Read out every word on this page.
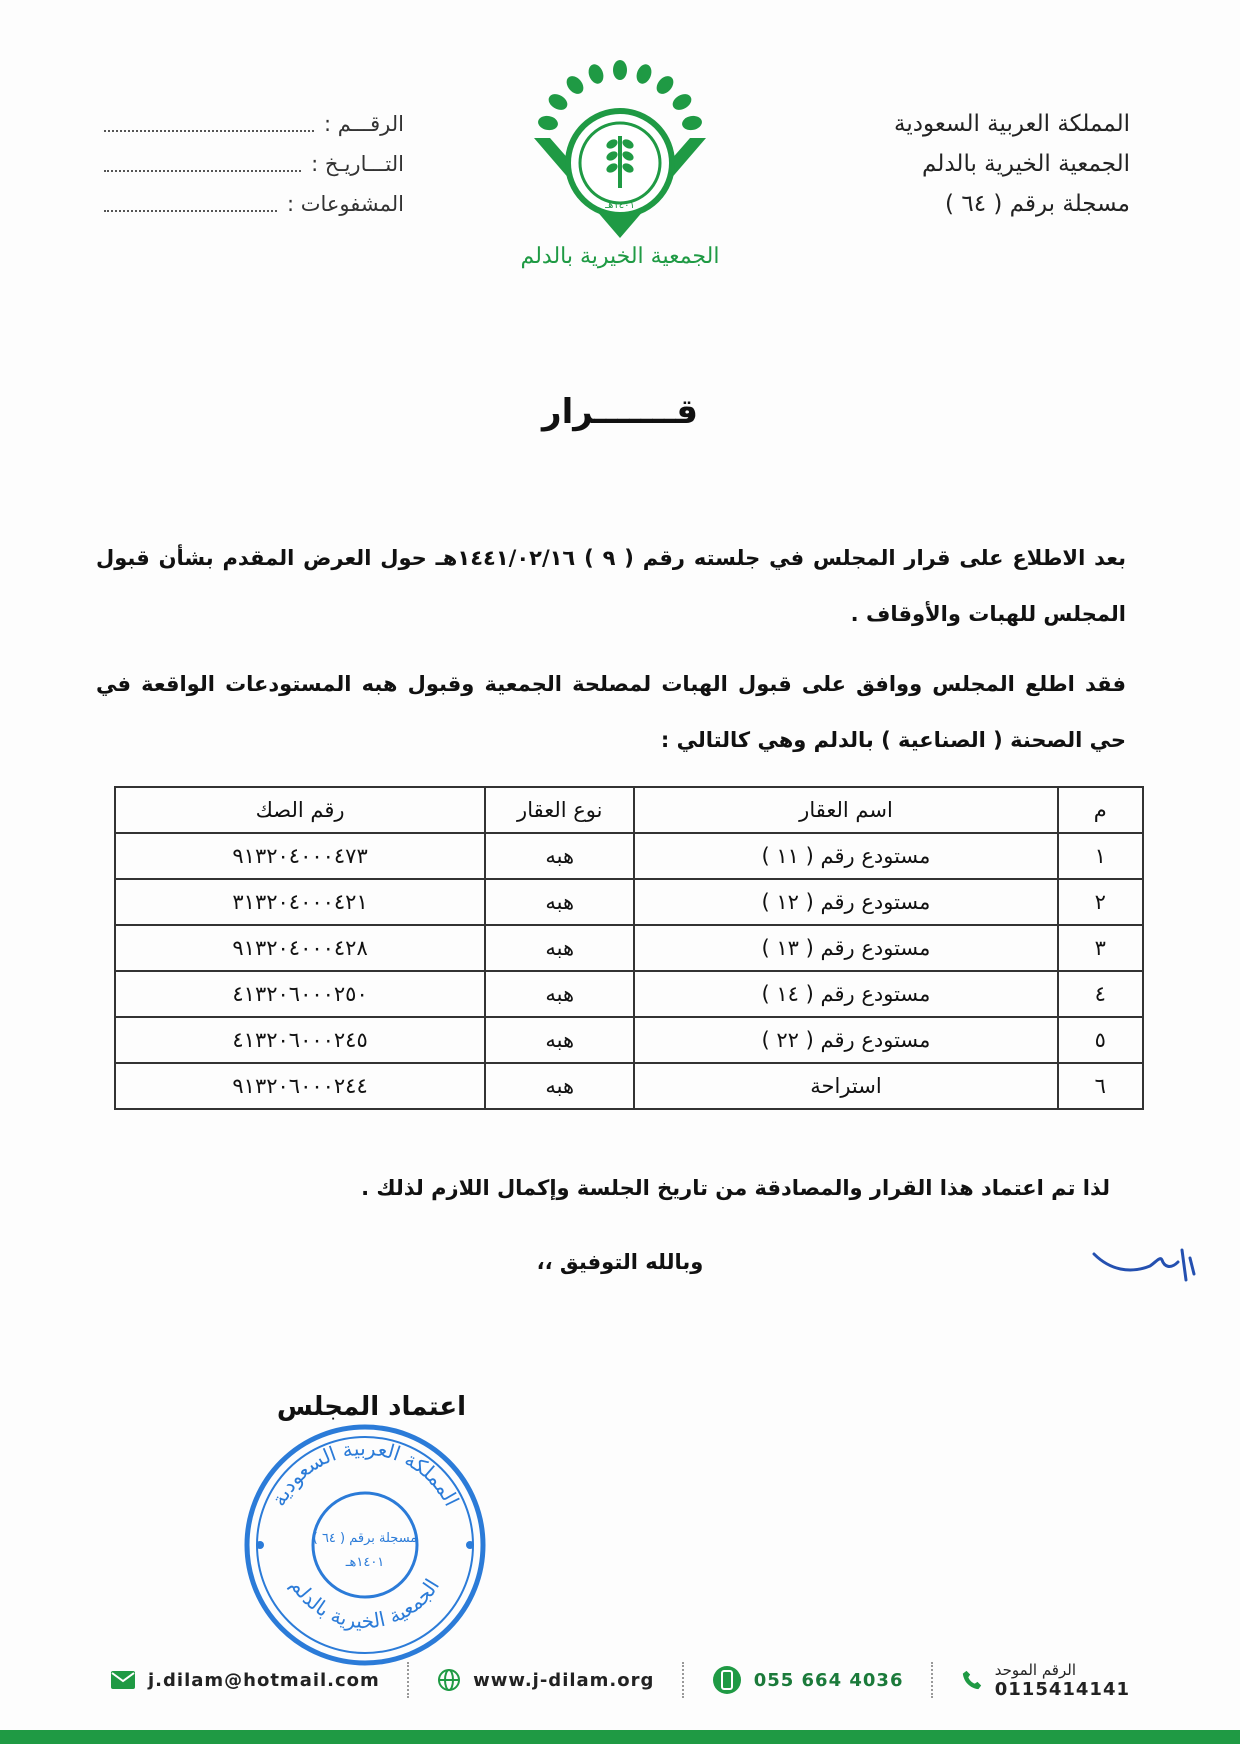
المملكة العربية السعودية
الجمعية الخيرية بالدلم
مسجلة برقم ( ٦٤ )
الرقـــم :
التـــاريـخ :
المشفوعات :	١٤٠١هـ
الجمعية الخيرية بالدلم
قـــــــرار
بعد الاطلاع على قرار المجلس في جلسته رقم ( ٩ ) ١٤٤١/٠٢/١٦هـ حول العرض المقدم بشأن قبول المجلس للهبات والأوقاف .
فقد اطلع المجلس ووافق على قبول الهبات لمصلحة الجمعية وقبول هبه المستودعات الواقعة في حي الصحنة ( الصناعية ) بالدلم وهي كالتالي :
م	اسم العقار	نوع العقار	رقم الصك
١	مستودع رقم ( ١١ )	هبه	٩١٣٢٠٤٠٠٠٤٧٣
٢	مستودع رقم ( ١٢ )	هبه	٣١٣٢٠٤٠٠٠٤٢١
٣	مستودع رقم ( ١٣ )	هبه	٩١٣٢٠٤٠٠٠٤٢٨
٤	مستودع رقم ( ١٤ )	هبه	٤١٣٢٠٦٠٠٠٢٥٠
٥	مستودع رقم ( ٢٢ )	هبه	٤١٣٢٠٦٠٠٠٢٤٥
٦	استراحة	هبه	٩١٣٢٠٦٠٠٠٢٤٤
لذا تم اعتماد هذا القرار والمصادقة من تاريخ الجلسة وإكمال اللازم لذلك .
وبالله التوفيق ،،
اعتماد المجلس
المملكة العربية السعودية
الجمعية الخيرية بالدلم
مسجلة برقم ( ٦٤ )
١٤٠١هـ
الرقم الموحد
0115414141
055 664 4036
www.j-dilam.org
j.dilam@hotmail.com
